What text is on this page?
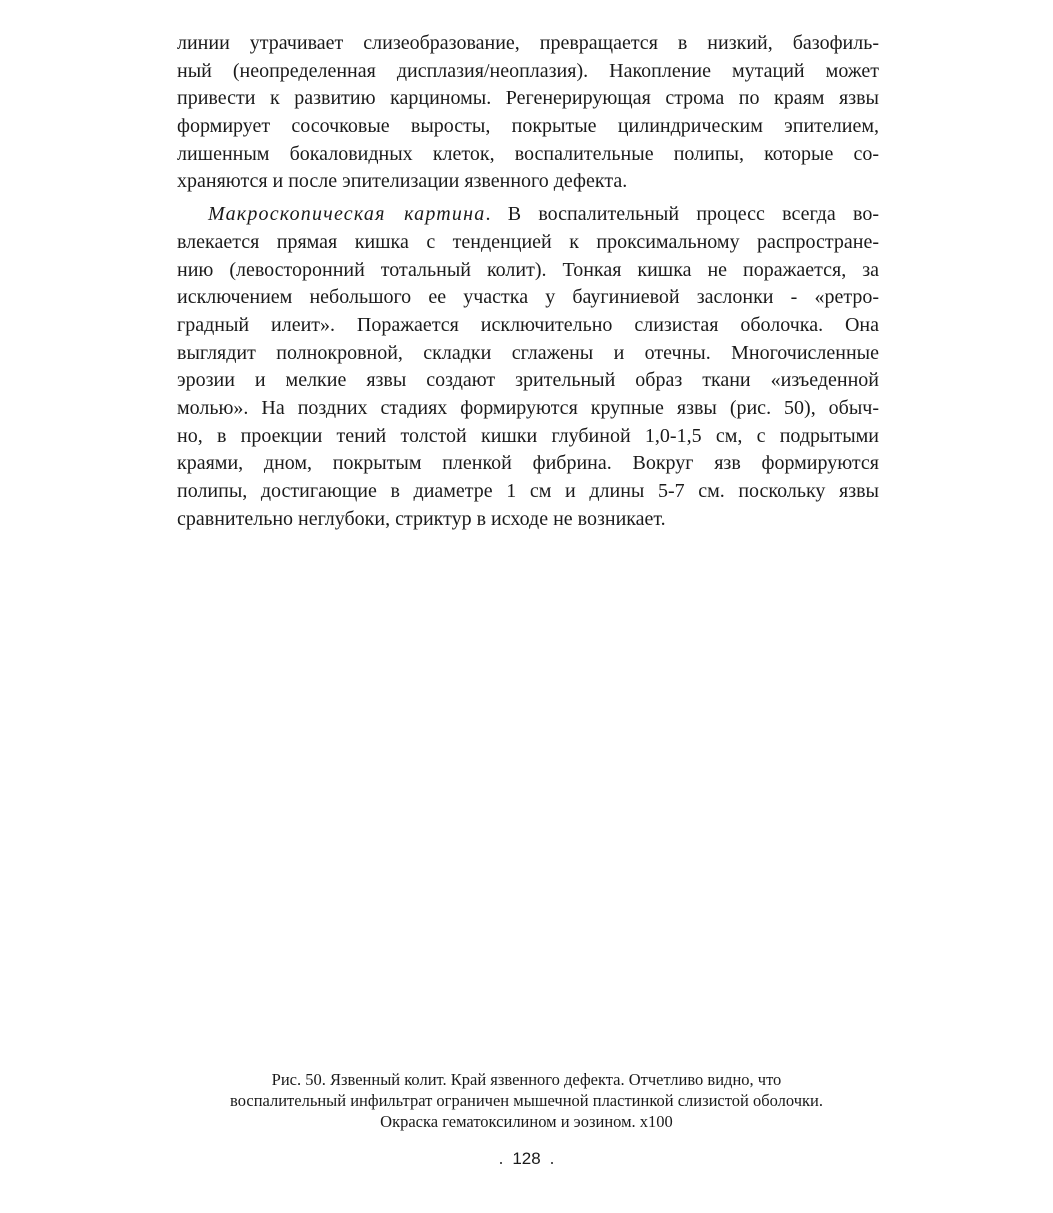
линии утрачивает слизеобразование, превращается в низкий, базофиль-
ный (неопределенная дисплазия/неоплазия). Накопление мутаций может
привести к развитию карциномы. Регенерирующая строма по краям язвы
формирует сосочковые выросты, покрытые цилиндрическим эпителием,
лишенным бокаловидных клеток, воспалительные полипы, которые со-
храняются и после эпителизации язвенного дефекта.
Макроскопическая картина. В воспалительный процесс всегда во-
влекается прямая кишка с тенденцией к проксимальному распростране-
нию (левосторонний тотальный колит). Тонкая кишка не поражается, за
исключением небольшого ее участка у баугиниевой заслонки - «ретро-
градный илеит». Поражается исключительно слизистая оболочка. Она
выглядит полнокровной, складки сглажены и отечны. Многочисленные
эрозии и мелкие язвы создают зрительный образ ткани «изъеденной
молью». На поздних стадиях формируются крупные язвы (рис. 50), обыч-
но, в проекции тений толстой кишки глубиной 1,0-1,5 см, с подрытыми
краями, дном, покрытым пленкой фибрина. Вокруг язв формируются
полипы, достигающие в диаметре 1 см и длины 5-7 см. поскольку язвы
сравнительно неглубоки, стриктур в исходе не возникает.
Рис. 50. Язвенный колит. Край язвенного дефекта. Отчетливо видно, что
воспалительный инфильтрат ограничен мышечной пластинкой слизистой оболочки.
Окраска гематоксилином и эозином. х100
128
